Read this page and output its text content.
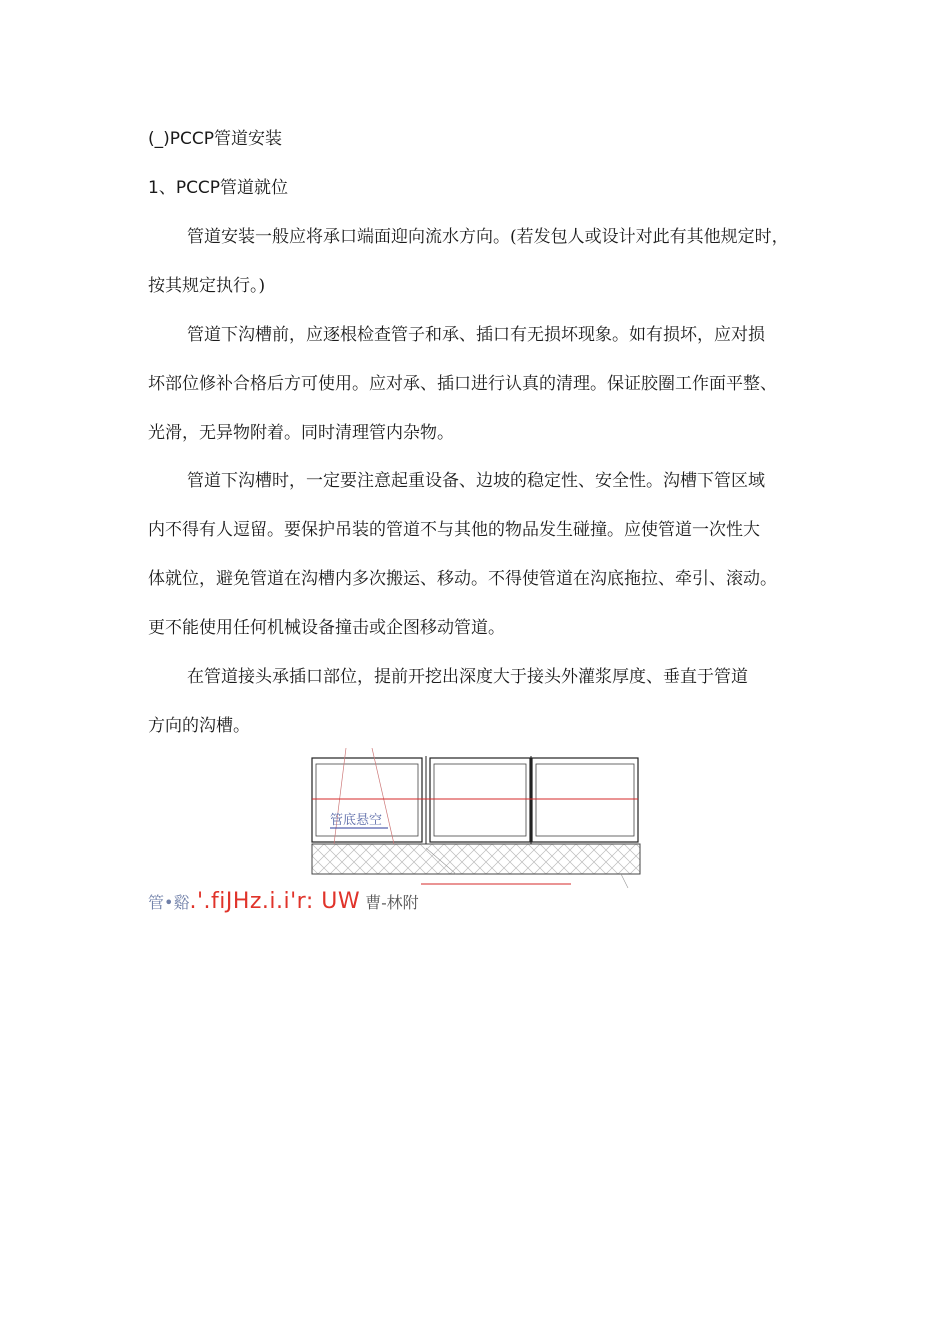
(_)PCCP管道安装
1、PCCP管道就位
管道安装一般应将承口端面迎向流水方向。(若发包人或设计对此有其他规定时，
按其规定执行。)
管道下沟槽前，应逐根检查管子和承、插口有无损坏现象。如有损坏，应对损
坏部位修补合格后方可使用。应对承、插口进行认真的清理。保证胶圈工作面平整、
光滑，无异物附着。同时清理管内杂物。
管道下沟槽时，一定要注意起重设备、边坡的稳定性、安全性。沟槽下管区域
内不得有人逗留。要保护吊装的管道不与其他的物品发生碰撞。应使管道一次性大
体就位，避免管道在沟槽内多次搬运、移动。不得使管道在沟底拖拉、牵引、滚动。
更不能使用任何机械设备撞击或企图移动管道。
在管道接头承插口部位，提前开挖出深度大于接头外灌浆厚度、垂直于管道
方向的沟槽。
管底悬空
管•谿.'.fiJHz.i.i'r: UW 曹-林附
